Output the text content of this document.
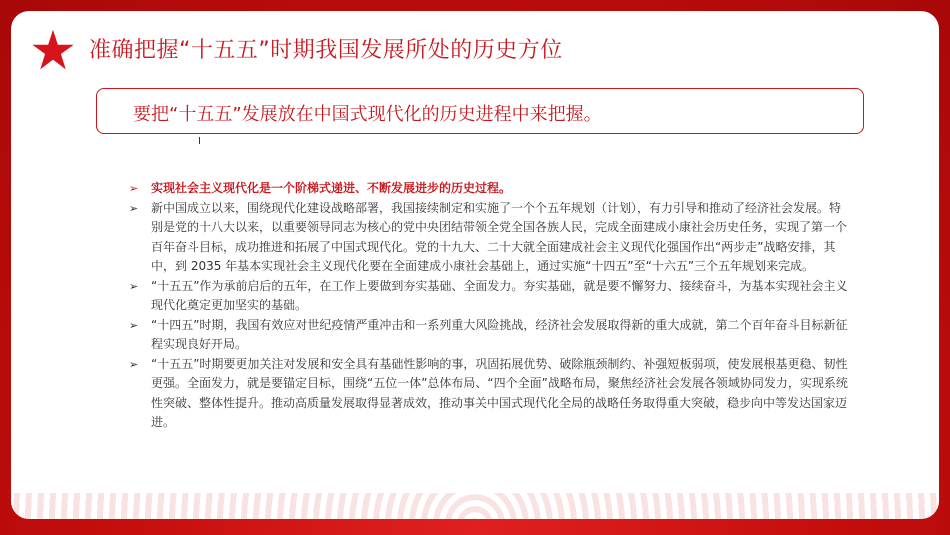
准确把握“十五五”时期我国发展所处的历史方位
要把“十五五”发展放在中国式现代化的历史进程中来把握。
➢ 实现社会主义现代化是一个阶梯式递进、不断发展进步的历史过程。
➢ 新中国成立以来，围绕现代化建设战略部署，我国接续制定和实施了一个个五年规划（计划），有力引导和推动了经济社会发展。特别是党的十八大以来，以重要领导同志为核心的党中央团结带领全党全国各族人民，完成全面建成小康社会历史任务，实现了第一个百年奋斗目标，成功推进和拓展了中国式现代化。党的十九大、二十大就全面建成社会主义现代化强国作出“两步走”战略安排，其中，到 2035 年基本实现社会主义现代化要在全面建成小康社会基础上，通过实施“十四五”至“十六五”三个五年规划来完成。
➢ “十五五”作为承前启后的五年，在工作上要做到夯实基础、全面发力。夯实基础，就是要不懈努力、接续奋斗，为基本实现社会主义现代化奠定更加坚实的基础。
➢ “十四五”时期，我国有效应对世纪疫情严重冲击和一系列重大风险挑战，经济社会发展取得新的重大成就，第二个百年奋斗目标新征程实现良好开局。
➢ “十五五”时期要更加关注对发展和安全具有基础性影响的事，巩固拓展优势、破除瓶颈制约、补强短板弱项，使发展根基更稳、韧性更强。全面发力，就是要锚定目标，围绕“五位一体”总体布局、“四个全面”战略布局，聚焦经济社会发展各领域协同发力，实现系统性突破、整体性提升。推动高质量发展取得显著成效，推动事关中国式现代化全局的战略任务取得重大突破，稳步向中等发达国家迈进。
